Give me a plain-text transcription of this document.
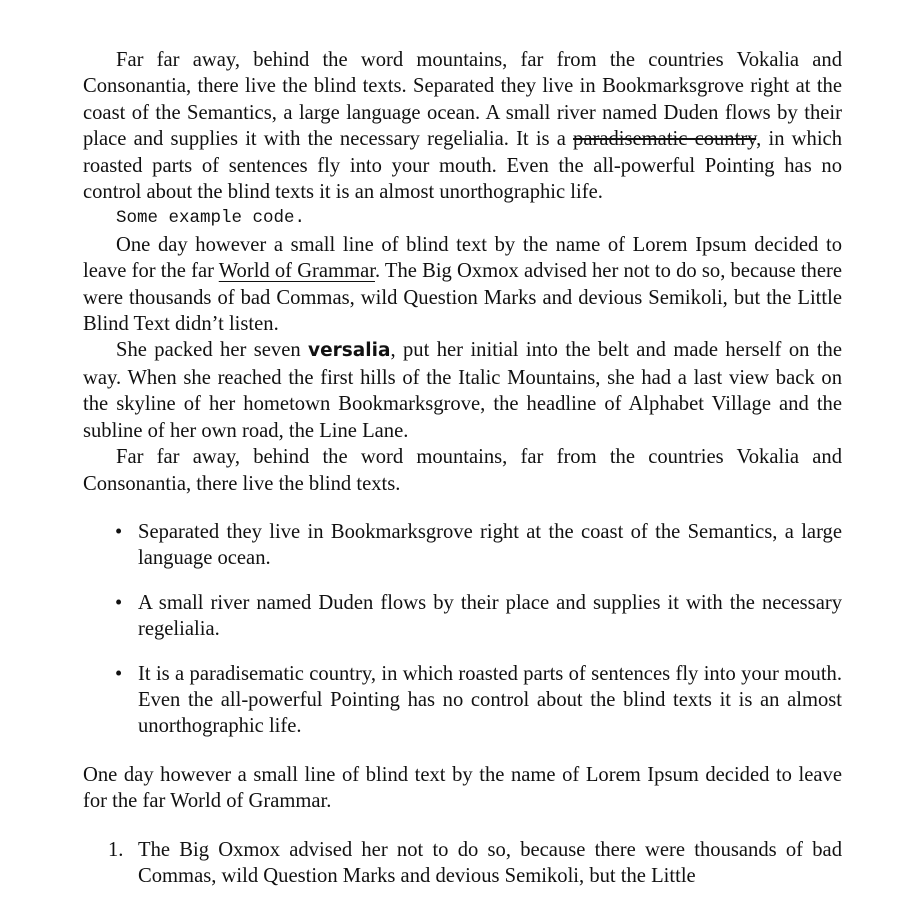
Far far away, behind the word mountains, far from the countries Vokalia and Consonantia, there live the blind texts. Separated they live in Bookmarksgrove right at the coast of the Semantics, a large language ocean. A small river named Duden flows by their place and supplies it with the necessary regelialia. It is a paradisematic country, in which roasted parts of sentences fly into your mouth. Even the all-powerful Pointing has no control about the blind texts it is an almost unorthographic life.

Some example code.

One day however a small line of blind text by the name of Lorem Ipsum decided to leave for the far World of Grammar. The Big Oxmox advised her not to do so, because there were thousands of bad Commas, wild Question Marks and devious Semikoli, but the Little Blind Text didn’t listen.

She packed her seven versalia, put her initial into the belt and made herself on the way. When she reached the first hills of the Italic Mountains, she had a last view back on the skyline of her hometown Bookmarksgrove, the headline of Alphabet Village and the subline of her own road, the Line Lane.

Far far away, behind the word mountains, far from the countries Vokalia and Consonantia, there live the blind texts.

• Separated they live in Bookmarksgrove right at the coast of the Semantics, a large language ocean.
• A small river named Duden flows by their place and supplies it with the necessary regelialia.
• It is a paradisematic country, in which roasted parts of sentences fly into your mouth. Even the all-powerful Pointing has no control about the blind texts it is an almost unorthographic life.

One day however a small line of blind text by the name of Lorem Ipsum decided to leave for the far World of Grammar.

1. The Big Oxmox advised her not to do so, because there were thousands of bad Commas, wild Question Marks and devious Semikoli, but the Little
